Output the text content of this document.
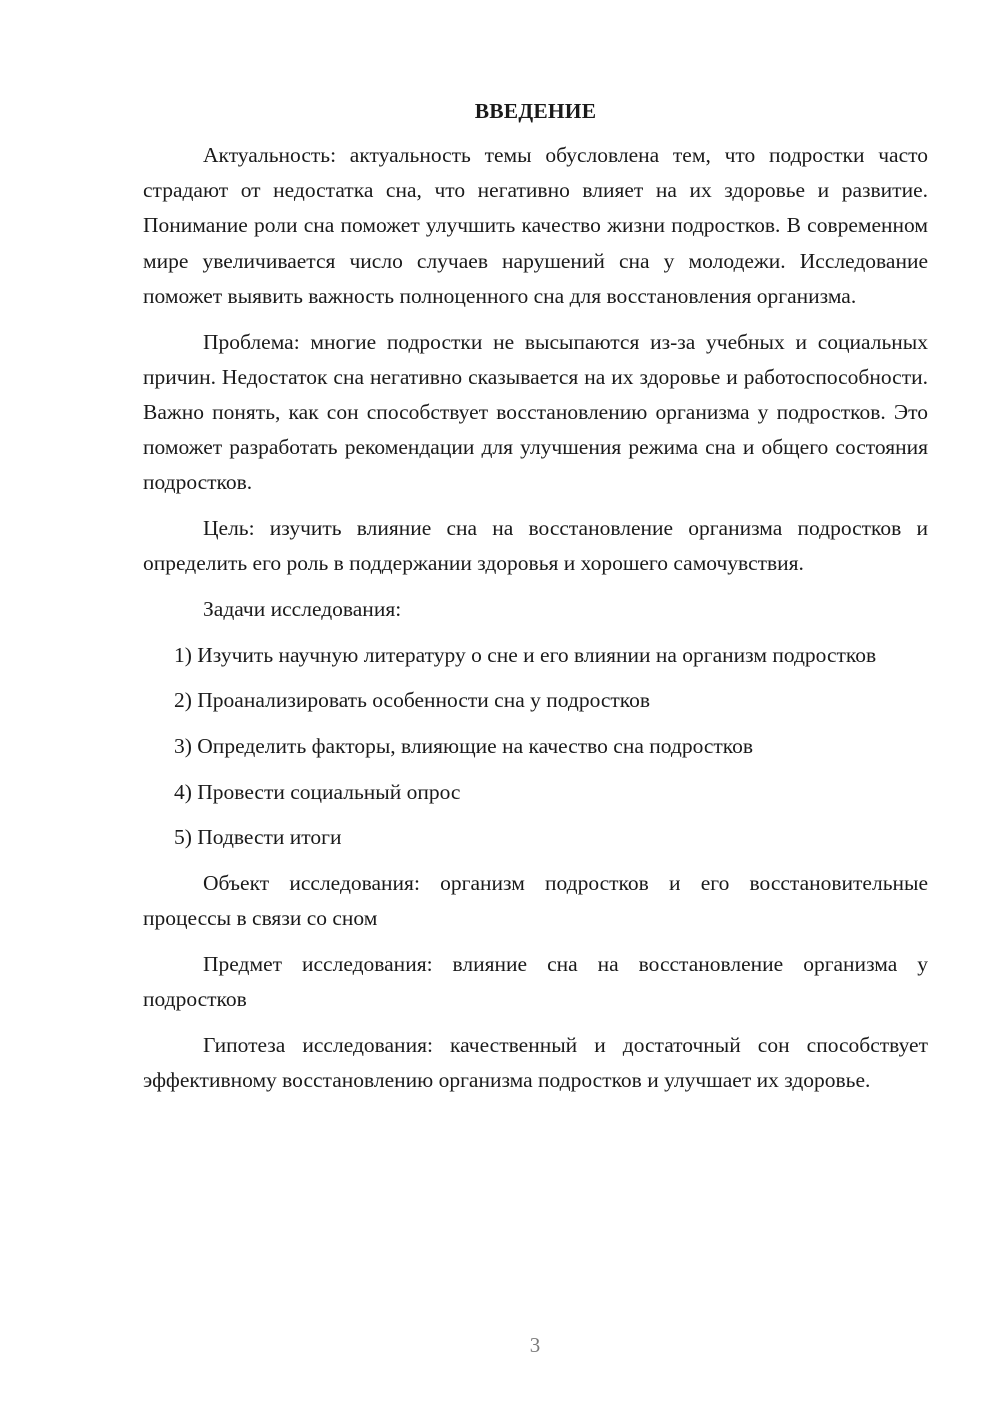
ВВЕДЕНИЕ

Актуальность: актуальность темы обусловлена тем, что подростки часто страдают от недостатка сна, что негативно влияет на их здоровье и развитие. Понимание роли сна поможет улучшить качество жизни подростков. В современном мире увеличивается число случаев нарушений сна у молодежи. Исследование поможет выявить важность полноценного сна для восстановления организма.

Проблема: многие подростки не высыпаются из-за учебных и социальных причин. Недостаток сна негативно сказывается на их здоровье и работоспособности. Важно понять, как сон способствует восстановлению организма у подростков. Это поможет разработать рекомендации для улучшения режима сна и общего состояния подростков.

Цель: изучить влияние сна на восстановление организма подростков и определить его роль в поддержании здоровья и хорошего самочувствия.

Задачи исследования:

1) Изучить научную литературу о сне и его влиянии на организм подростков

2) Проанализировать особенности сна у подростков

3) Определить факторы, влияющие на качество сна подростков

4) Провести социальный опрос

5) Подвести итоги

Объект исследования: организм подростков и его восстановительные процессы в связи со сном

Предмет исследования: влияние сна на восстановление организма у подростков

Гипотеза исследования: качественный и достаточный сон способствует эффективному восстановлению организма подростков и улучшает их здоровье.

3
